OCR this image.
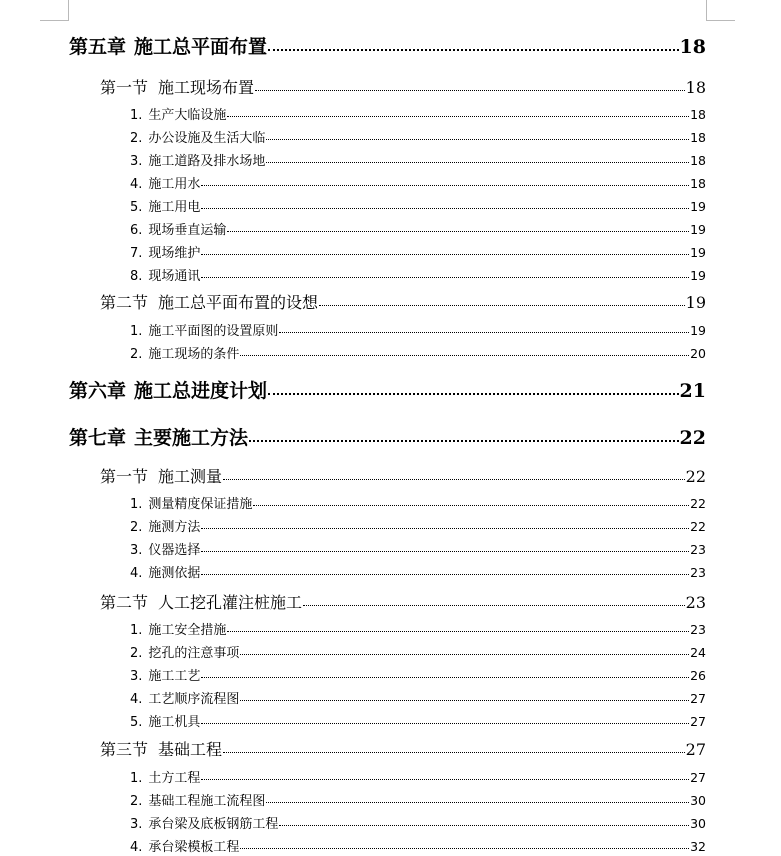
第五章 施工总平面布置	18
第一节 施工现场布置	18
1. 生产大临设施	18
2. 办公设施及生活大临	18
3. 施工道路及排水场地	18
4. 施工用水	18
5. 施工用电	19
6. 现场垂直运输	19
7. 现场维护	19
8. 现场通讯	19
第二节 施工总平面布置的设想	19
1. 施工平面图的设置原则	19
2. 施工现场的条件	20
第六章 施工总进度计划	21
第七章 主要施工方法	22
第一节 施工测量	22
1. 测量精度保证措施	22
2. 施测方法	22
3. 仪器选择	23
4. 施测依据	23
第二节 人工挖孔灌注桩施工	23
1. 施工安全措施	23
2. 挖孔的注意事项	24
3. 施工工艺	26
4. 工艺顺序流程图	27
5. 施工机具	27
第三节 基础工程	27
1. 土方工程	27
2. 基础工程施工流程图	30
3. 承台梁及底板钢筋工程	30
4. 承台梁模板工程	32
